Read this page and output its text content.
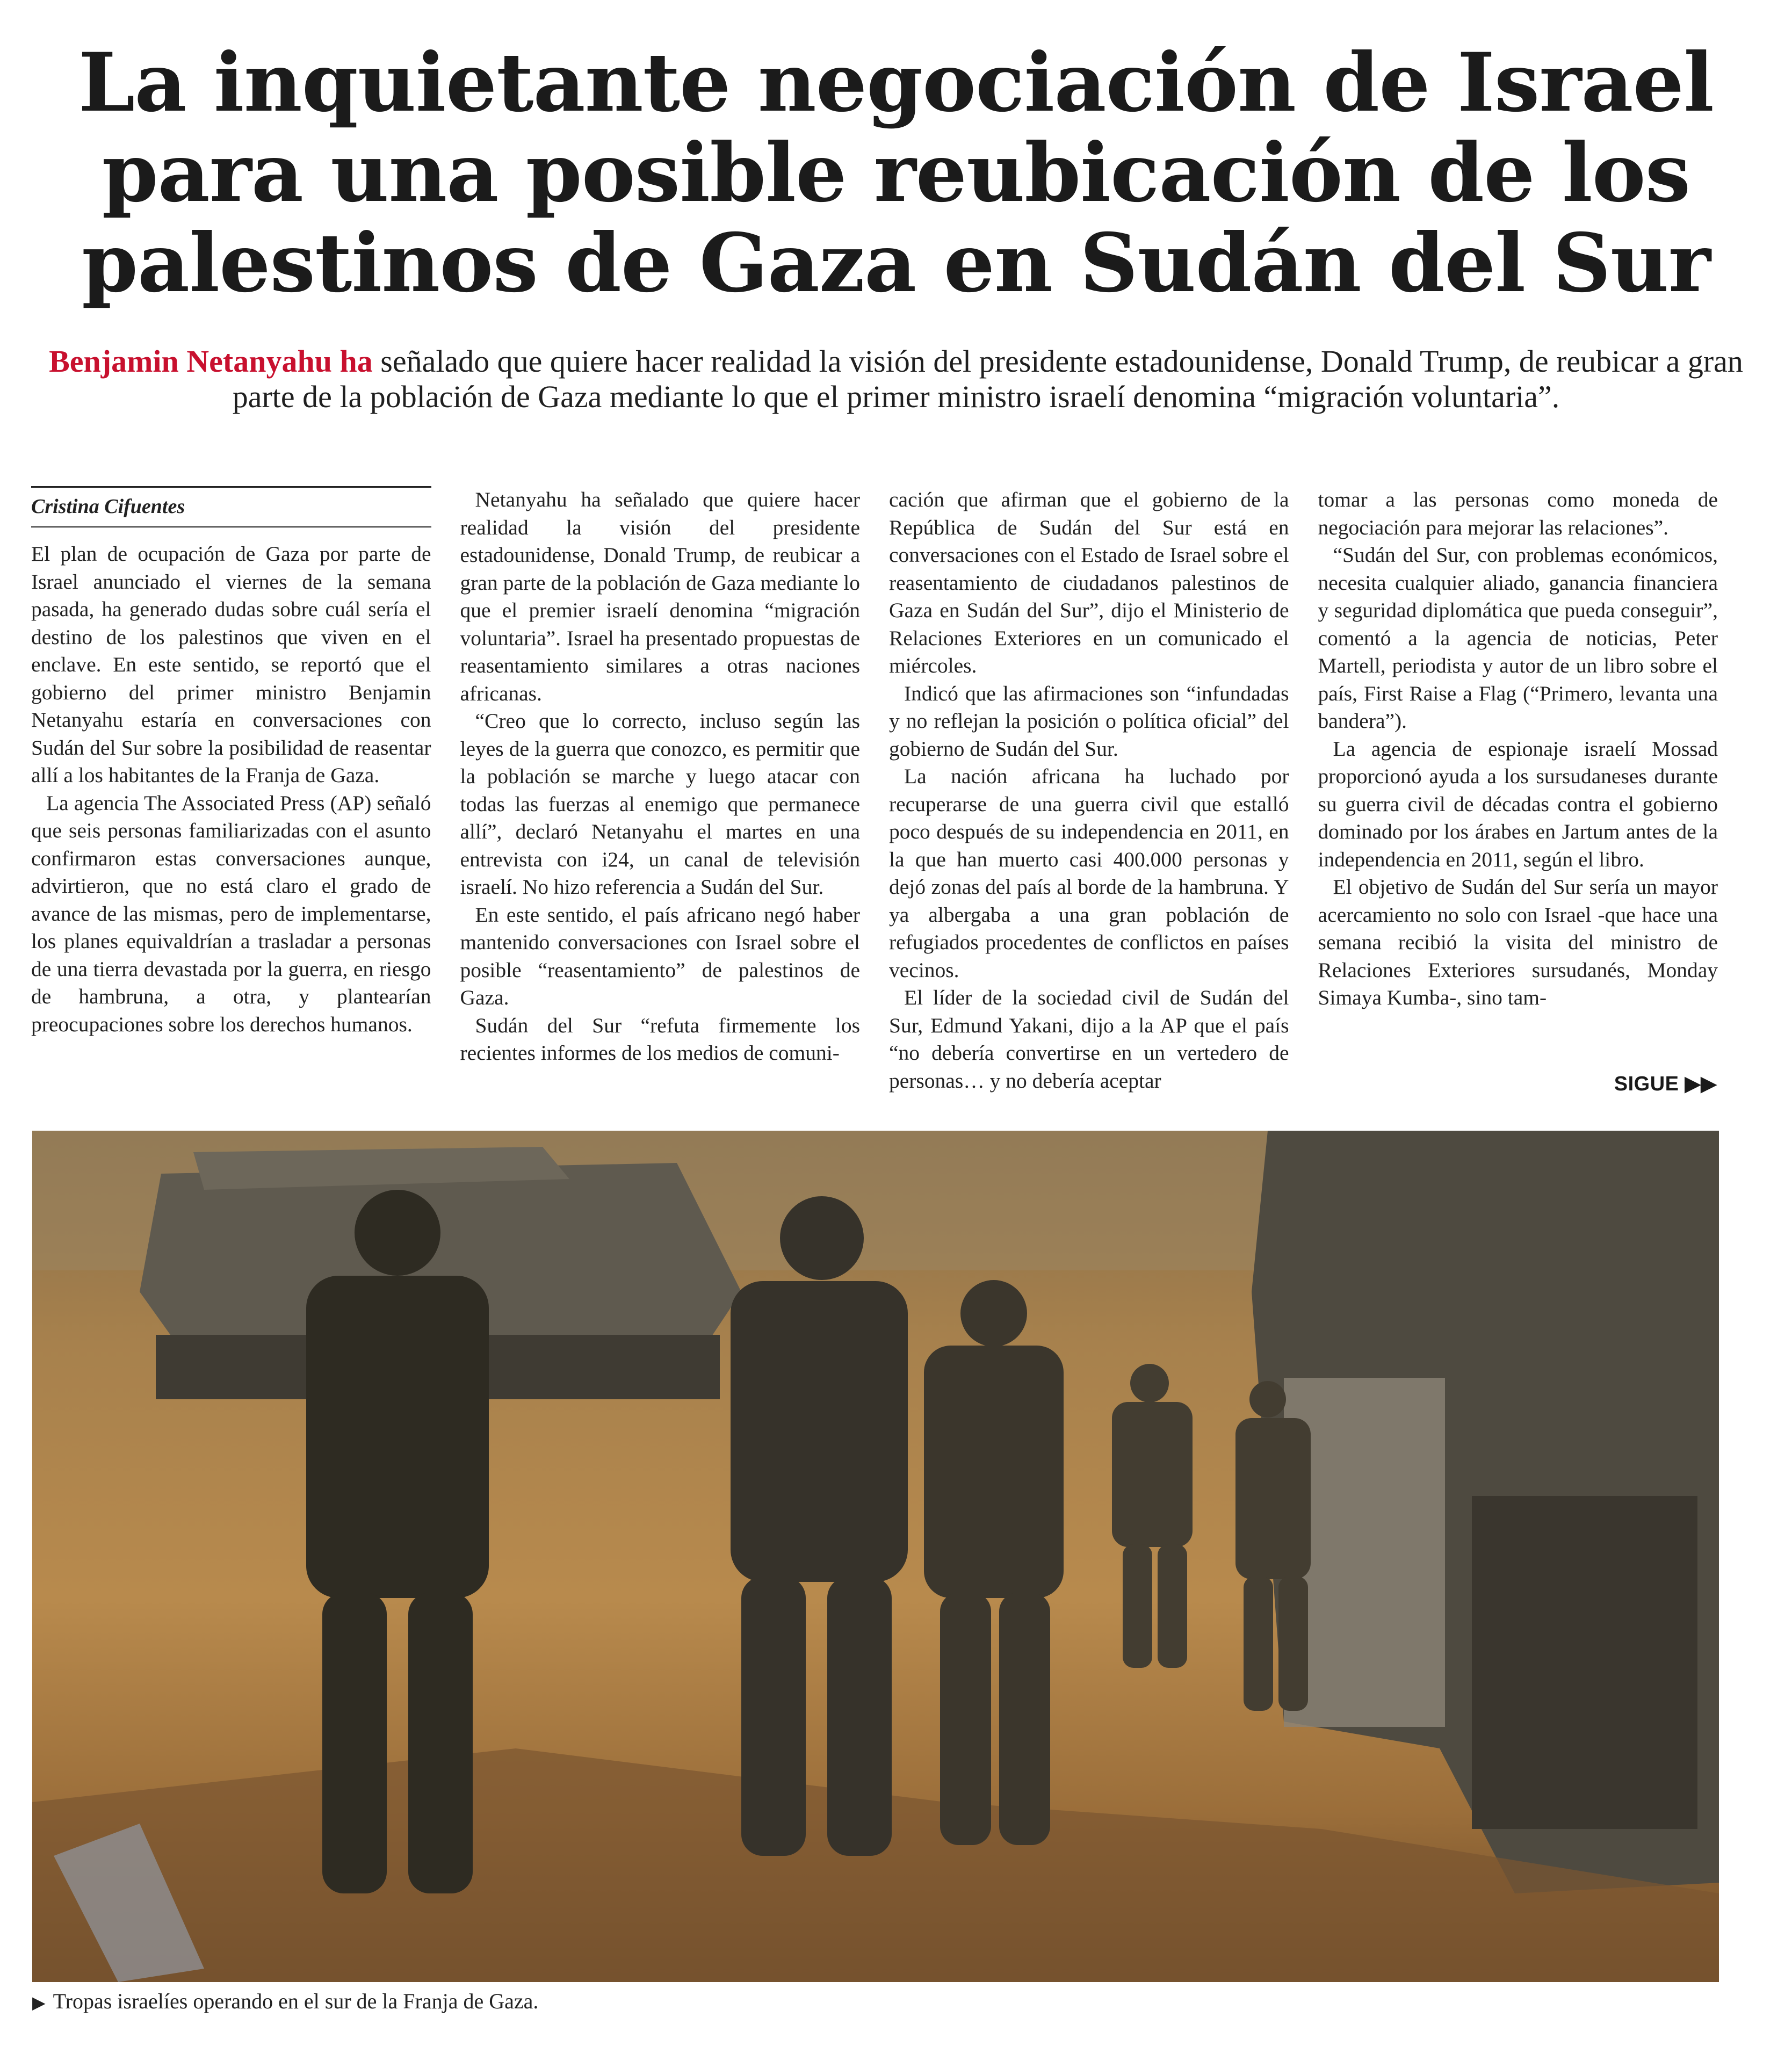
La inquietante negociación de Israel para una posible reubicación de los palestinos de Gaza en Sudán del Sur

Benjamin Netanyahu ha señalado que quiere hacer realidad la visión del presidente estadounidense, Donald Trump, de reubicar a gran parte de la población de Gaza mediante lo que el primer ministro israelí denomina “migración voluntaria”.

Cristina Cifuentes

El plan de ocupación de Gaza por parte de Israel anunciado el viernes de la semana pasada, ha generado dudas sobre cuál sería el destino de los palestinos que viven en el enclave. En este sentido, se reportó que el gobierno del primer ministro Benjamin Netanyahu estaría en conversaciones con Sudán del Sur sobre la posibilidad de reasentar allí a los habitantes de la Franja de Gaza.

La agencia The Associated Press (AP) señaló que seis personas familiarizadas con el asunto confirmaron estas conversaciones aunque, advirtieron, que no está claro el grado de avance de las mismas, pero de implementarse, los planes equivaldrían a trasladar a personas de una tierra devastada por la guerra, en riesgo de hambruna, a otra, y plantearían preocupaciones sobre los derechos humanos.

Netanyahu ha señalado que quiere hacer realidad la visión del presidente estadounidense, Donald Trump, de reubicar a gran parte de la población de Gaza mediante lo que el premier israelí denomina “migración voluntaria”. Israel ha presentado propuestas de reasentamiento similares a otras naciones africanas.

“Creo que lo correcto, incluso según las leyes de la guerra que conozco, es permitir que la población se marche y luego atacar con todas las fuerzas al enemigo que permanece allí”, declaró Netanyahu el martes en una entrevista con i24, un canal de televisión israelí. No hizo referencia a Sudán del Sur.

En este sentido, el país africano negó haber mantenido conversaciones con Israel sobre el posible “reasentamiento” de palestinos de Gaza.

Sudán del Sur “refuta firmemente los recientes informes de los medios de comuni-

cación que afirman que el gobierno de la República de Sudán del Sur está en conversaciones con el Estado de Israel sobre el reasentamiento de ciudadanos palestinos de Gaza en Sudán del Sur”, dijo el Ministerio de Relaciones Exteriores en un comunicado el miércoles.

Indicó que las afirmaciones son “infundadas y no reflejan la posición o política oficial” del gobierno de Sudán del Sur.

La nación africana ha luchado por recuperarse de una guerra civil que estalló poco después de su independencia en 2011, en la que han muerto casi 400.000 personas y dejó zonas del país al borde de la hambruna. Y ya albergaba a una gran población de refugiados procedentes de conflictos en países vecinos.

El líder de la sociedad civil de Sudán del Sur, Edmund Yakani, dijo a la AP que el país “no debería convertirse en un vertedero de personas… y no debería aceptar

tomar a las personas como moneda de negociación para mejorar las relaciones”.

“Sudán del Sur, con problemas económicos, necesita cualquier aliado, ganancia financiera y seguridad diplomática que pueda conseguir”, comentó a la agencia de noticias, Peter Martell, periodista y autor de un libro sobre el país, First Raise a Flag (“Primero, levanta una bandera”).

La agencia de espionaje israelí Mossad proporcionó ayuda a los sursudaneses durante su guerra civil de décadas contra el gobierno dominado por los árabes en Jartum antes de la independencia en 2011, según el libro.

El objetivo de Sudán del Sur sería un mayor acercamiento no solo con Israel -que hace una semana recibió la visita del ministro de Relaciones Exteriores sursudanés, Monday Simaya Kumba-, sino tam-

SIGUE ▶▶
▶ Tropas israelíes operando en el sur de la Franja de Gaza.
